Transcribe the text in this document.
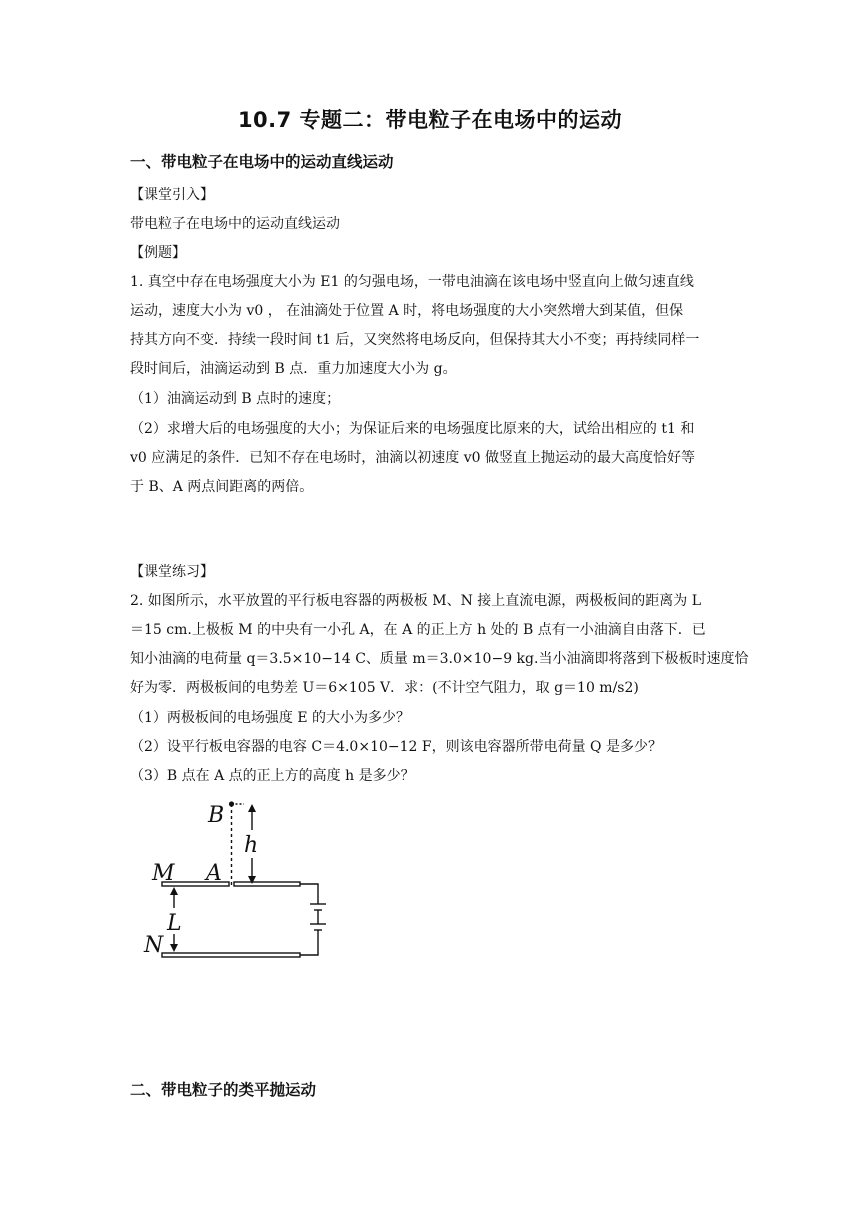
10.7 专题二：带电粒子在电场中的运动
一、带电粒子在电场中的运动直线运动
【课堂引入】
带电粒子在电场中的运动直线运动
【例题】
1. 真空中存在电场强度大小为 E1 的匀强电场，一带电油滴在该电场中竖直向上做匀速直线
运动，速度大小为 v0 ， 在油滴处于位置 A 时，将电场强度的大小突然增大到某值，但保
持其方向不变．持续一段时间 t1 后，又突然将电场反向，但保持其大小不变；再持续同样一
段时间后，油滴运动到 B 点．重力加速度大小为 g。
（1）油滴运动到 B 点时的速度；
（2）求增大后的电场强度的大小；为保证后来的电场强度比原来的大，试给出相应的 t1 和
v0 应满足的条件．已知不存在电场时，油滴以初速度 v0 做竖直上抛运动的最大高度恰好等
于 B、A 两点间距离的两倍。
【课堂练习】
2. 如图所示，水平放置的平行板电容器的两极板 M、N 接上直流电源，两极板间的距离为 L
＝15 cm.上极板 M 的中央有一小孔 A，在 A 的正上方 h 处的 B 点有一小油滴自由落下．已
知小油滴的电荷量 q＝3.5×10−14 C、质量 m＝3.0×10−9 kg.当小油滴即将落到下极板时速度恰
好为零．两极板间的电势差 U＝6×105 V．求：(不计空气阻力，取 g＝10 m/s2)
（1）两极板间的电场强度 E 的大小为多少？
（2）设平行板电容器的电容 C＝4.0×10−12 F，则该电容器所带电荷量 Q 是多少？
（3）B 点在 A 点的正上方的高度 h 是多少？
B
h
M A
L
N
二、带电粒子的类平抛运动
